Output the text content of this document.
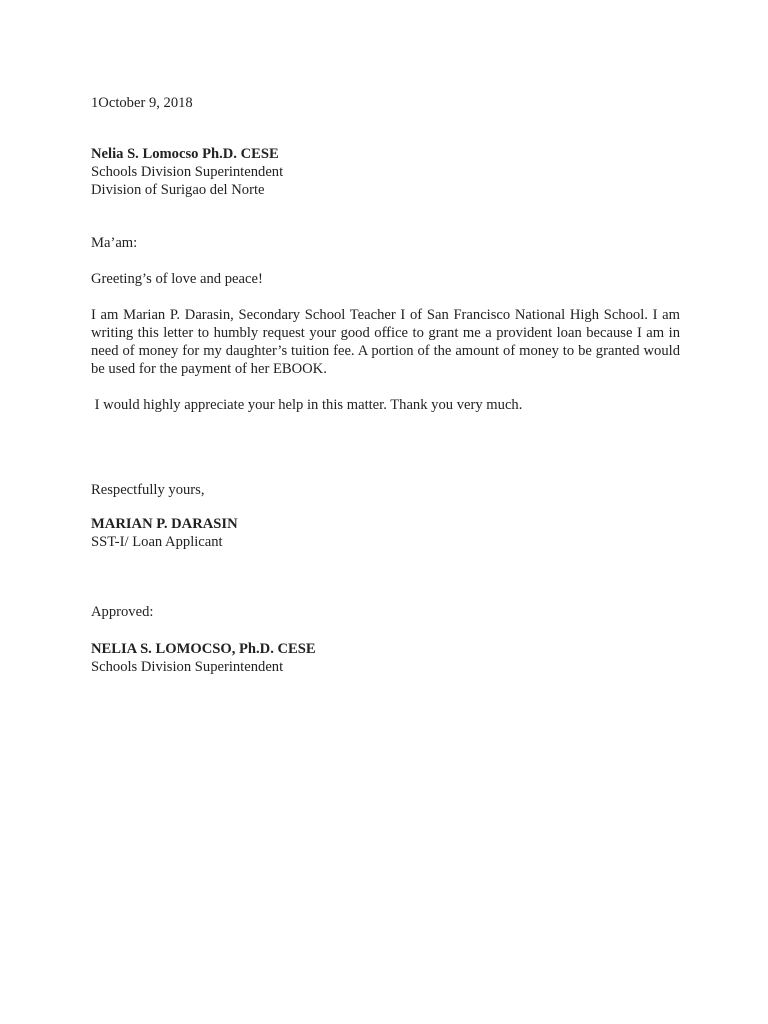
1October 9, 2018
Nelia S. Lomocso Ph.D. CESE
Schools Division Superintendent
Division of Surigao del Norte
Ma’am:
Greeting’s of love and peace!
I am Marian P. Darasin, Secondary School Teacher I of San Francisco National High School. I am writing this letter to humbly request your good office to grant me a provident loan because I am in need of money for my daughter’s tuition fee. A portion of the amount of money to be granted would be used for the payment of her EBOOK.
I would highly appreciate your help in this matter. Thank you very much.
Respectfully yours,
MARIAN P. DARASIN
SST-I/ Loan Applicant
Approved:
NELIA S. LOMOCSO, Ph.D. CESE
Schools Division Superintendent
